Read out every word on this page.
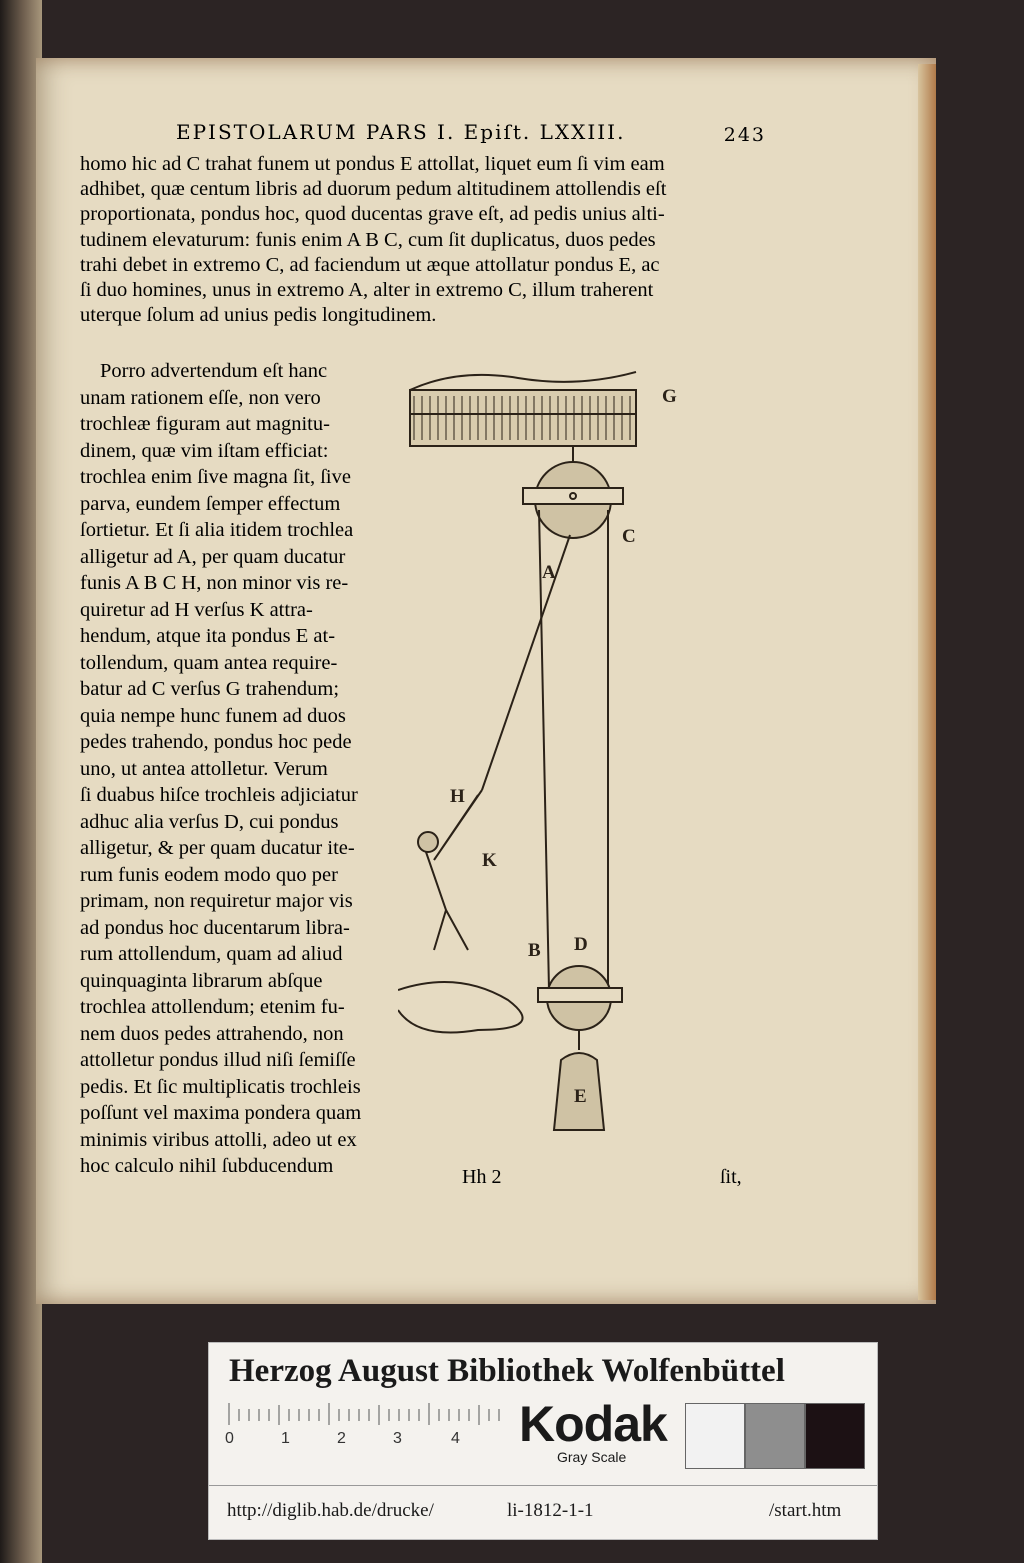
EPISTOLARUM PARS I. Epiſt. LXXIII.	243
homo hic ad C trahat funem ut pondus E attollat, liquet eum ſi vim eam
adhibet, quæ centum libris ad duorum pedum altitudinem attollendis eſt
proportionata, pondus hoc, quod ducentas grave eſt, ad pedis unius alti-
tudinem elevaturum: funis enim A B C, cum ſit duplicatus, duos pedes
trahi debet in extremo C, ad faciendum ut æque attollatur pondus E, ac
ſi duo homines, unus in extremo A, alter in extremo C, illum traherent
uterque ſolum ad unius pedis longitudinem.
Porro advertendum eſt hanc
unam rationem eſſe, non vero
trochleæ figuram aut magnitu-
dinem, quæ vim iſtam efficiat:
trochlea enim ſive magna ſit, ſive
parva, eundem ſemper effectum
ſortietur. Et ſi alia itidem trochlea
alligetur ad A, per quam ducatur
funis A B C H, non minor vis re-
quiretur ad H verſus K attra-
hendum, atque ita pondus E at-
tollendum, quam antea require-
batur ad C verſus G trahendum;
quia nempe hunc funem ad duos
pedes trahendo, pondus hoc pede
uno, ut antea attolletur. Verum
ſi duabus hiſce trochleis adjiciatur
adhuc alia verſus D, cui pondus
alligetur, & per quam ducatur ite-
rum funis eodem modo quo per
primam, non requiretur major vis
ad pondus hoc ducentarum libra-
rum attollendum, quam ad aliud
quinquaginta librarum abſque
trochlea attollendum; etenim fu-
nem duos pedes attrahendo, non
attolletur pondus illud niſi ſemiſſe
pedis. Et ſic multiplicatis trochleis
poſſunt vel maxima pondera quam
minimis viribus attolli, adeo ut ex
hoc calculo nihil ſubducendum
G
C
A
H
K
B D
E
Hh 2	ſit,
Herzog August Bibliothek Wolfenbüttel
0	1	2	3	4 Kodak
Gray Scale
http://diglib.hab.de/drucke/	li-1812-1-1	/start.htm
